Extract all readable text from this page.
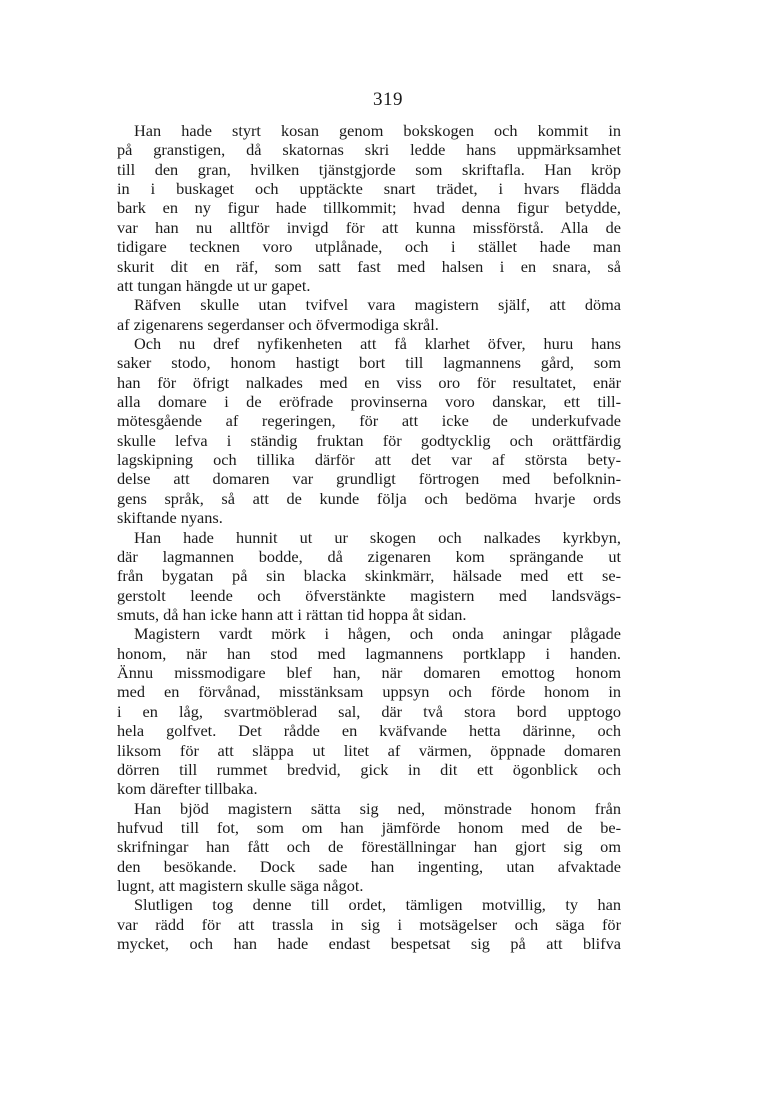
319
Han hade styrt kosan genom bokskogen och kommit in
på granstigen, då skatornas skri ledde hans uppmärksamhet
till den gran, hvilken tjänstgjorde som skriftafla. Han kröp
in i buskaget och upptäckte snart trädet, i hvars flädda
bark en ny figur hade tillkommit; hvad denna figur betydde,
var han nu alltför invigd för att kunna missförstå. Alla de
tidigare tecknen voro utplånade, och i stället hade man
skurit dit en räf, som satt fast med halsen i en snara, så
att tungan hängde ut ur gapet.
Räfven skulle utan tvifvel vara magistern själf, att döma
af zigenarens segerdanser och öfvermodiga skrål.
Och nu dref nyfikenheten att få klarhet öfver, huru hans
saker stodo, honom hastigt bort till lagmannens gård, som
han för öfrigt nalkades med en viss oro för resultatet, enär
alla domare i de eröfrade provinserna voro danskar, ett till-
mötesgående af regeringen, för att icke de underkufvade
skulle lefva i ständig fruktan för godtycklig och orättfärdig
lagskipning och tillika därför att det var af största bety-
delse att domaren var grundligt förtrogen med befolknin-
gens språk, så att de kunde följa och bedöma hvarje ords
skiftande nyans.
Han hade hunnit ut ur skogen och nalkades kyrkbyn,
där lagmannen bodde, då zigenaren kom sprängande ut
från bygatan på sin blacka skinkmärr, hälsade med ett se-
gerstolt leende och öfverstänkte magistern med landsvägs-
smuts, då han icke hann att i rättan tid hoppa åt sidan.
Magistern vardt mörk i hågen, och onda aningar plågade
honom, när han stod med lagmannens portklapp i handen.
Ännu missmodigare blef han, när domaren emottog honom
med en förvånad, misstänksam uppsyn och förde honom in
i en låg, svartmöblerad sal, där två stora bord upptogo
hela golfvet. Det rådde en kväfvande hetta därinne, och
liksom för att släppa ut litet af värmen, öppnade domaren
dörren till rummet bredvid, gick in dit ett ögonblick och
kom därefter tillbaka.
Han bjöd magistern sätta sig ned, mönstrade honom från
hufvud till fot, som om han jämförde honom med de be-
skrifningar han fått och de föreställningar han gjort sig om
den besökande. Dock sade han ingenting, utan afvaktade
lugnt, att magistern skulle säga något.
Slutligen tog denne till ordet, tämligen motvillig, ty han
var rädd för att trassla in sig i motsägelser och säga för
mycket, och han hade endast bespetsat sig på att blifva
